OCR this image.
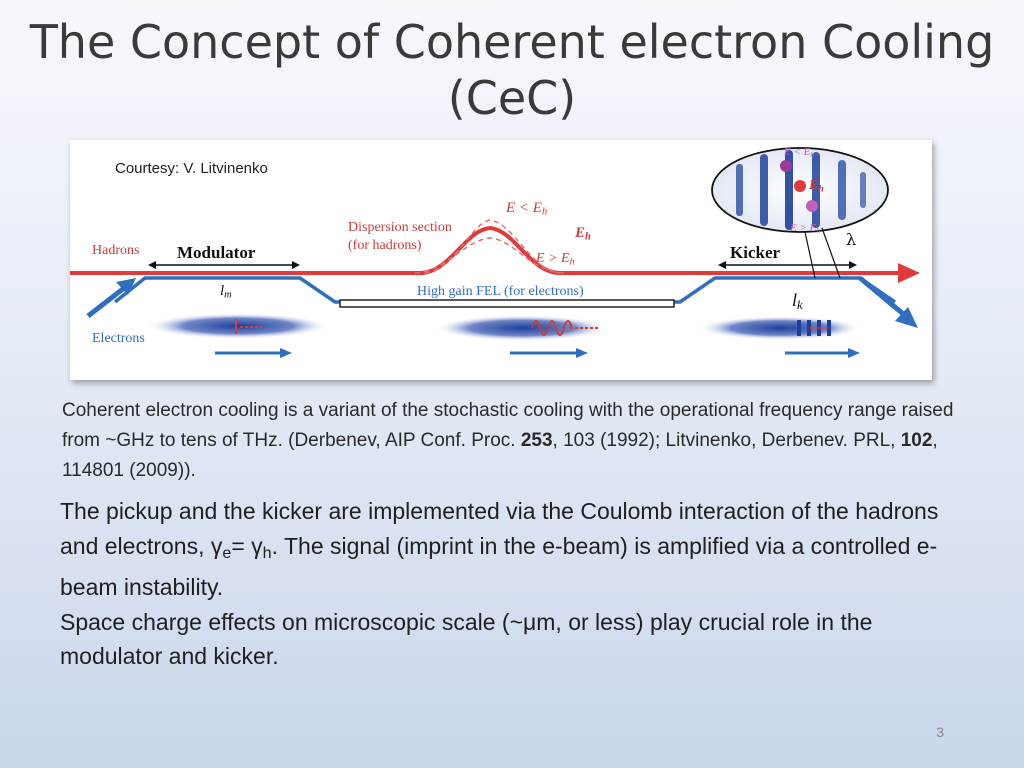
The Concept of Coherent electron Cooling
(CeC)
Courtesy: V. Litvinenko
Hadrons
Electrons
Modulator	Kicker
$l_m$	$l_k$
Dispersion section
(for hadrons)
High gain FEL (for electrons)
$E < E_h$
$E_h$
$E > E_h$
λ
$E < E_h$
$E_h$
$E > E_h$
Coherent electron cooling is a variant of the stochastic cooling with the operational frequency range raised from ~GHz to tens of THz. (Derbenev, AIP Conf. Proc. 253, 103 (1992); Litvinenko, Derbenev. PRL, 102, 114801 (2009)).

The pickup and the kicker are implemented via the Coulomb interaction of the hadrons and electrons, $\gamma_e= \gamma_h$. The signal (imprint in the e-beam) is amplified via a controlled e-beam instability.

Space charge effects on microscopic scale (~μm, or less) play crucial role in the modulator and kicker.

3
